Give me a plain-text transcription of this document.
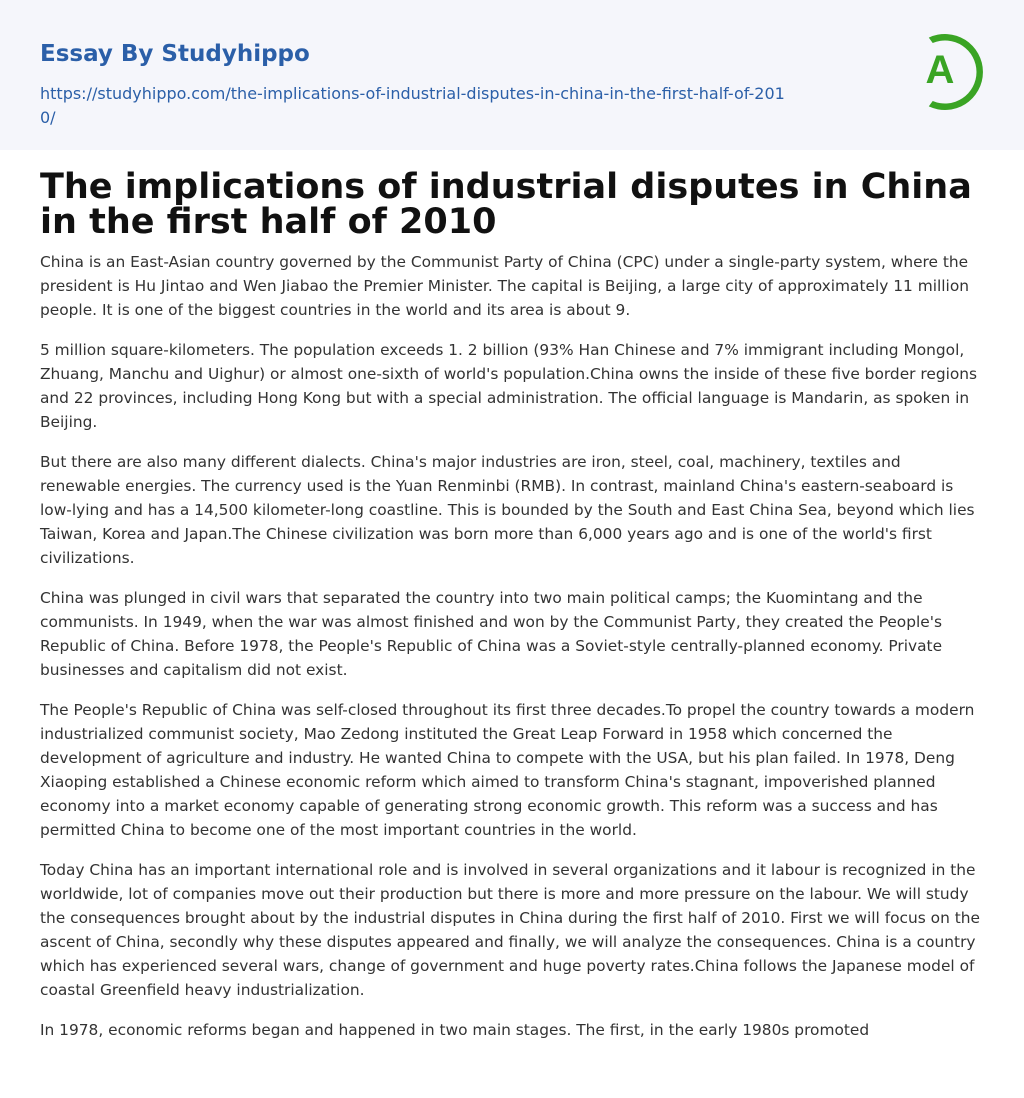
Essay By Studyhippo
https://studyhippo.com/the-implications-of-industrial-disputes-in-china-in-the-first-half-of-2010/
A
The implications of industrial disputes in China in the first half of 2010

China is an East-Asian country governed by the Communist Party of China (CPC) under a single-party system, where the president is Hu Jintao and Wen Jiabao the Premier Minister. The capital is Beijing, a large city of approximately 11 million people. It is one of the biggest countries in the world and its area is about 9.

5 million square-kilometers. The population exceeds 1. 2 billion (93% Han Chinese and 7% immigrant including Mongol, Zhuang, Manchu and Uighur) or almost one-sixth of world's population.China owns the inside of these five border regions and 22 provinces, including Hong Kong but with a special administration. The official language is Mandarin, as spoken in Beijing.

But there are also many different dialects. China's major industries are iron, steel, coal, machinery, textiles and renewable energies. The currency used is the Yuan Renminbi (RMB). In contrast, mainland China's eastern-seaboard is low-lying and has a 14,500 kilometer-long coastline. This is bounded by the South and East China Sea, beyond which lies Taiwan, Korea and Japan.The Chinese civilization was born more than 6,000 years ago and is one of the world's first civilizations.

China was plunged in civil wars that separated the country into two main political camps; the Kuomintang and the communists. In 1949, when the war was almost finished and won by the Communist Party, they created the People's Republic of China. Before 1978, the People's Republic of China was a Soviet-style centrally-planned economy. Private businesses and capitalism did not exist.

The People's Republic of China was self-closed throughout its first three decades.To propel the country towards a modern industrialized communist society, Mao Zedong instituted the Great Leap Forward in 1958 which concerned the development of agriculture and industry. He wanted China to compete with the USA, but his plan failed. In 1978, Deng Xiaoping established a Chinese economic reform which aimed to transform China's stagnant, impoverished planned economy into a market economy capable of generating strong economic growth. This reform was a success and has permitted China to become one of the most important countries in the world.

Today China has an important international role and is involved in several organizations and it labour is recognized in the worldwide, lot of companies move out their production but there is more and more pressure on the labour. We will study the consequences brought about by the industrial disputes in China during the first half of 2010. First we will focus on the ascent of China, secondly why these disputes appeared and finally, we will analyze the consequences. China is a country which has experienced several wars, change of government and huge poverty rates.China follows the Japanese model of coastal Greenfield heavy industrialization.

In 1978, economic reforms began and happened in two main stages. The first, in the early 1980s promoted
